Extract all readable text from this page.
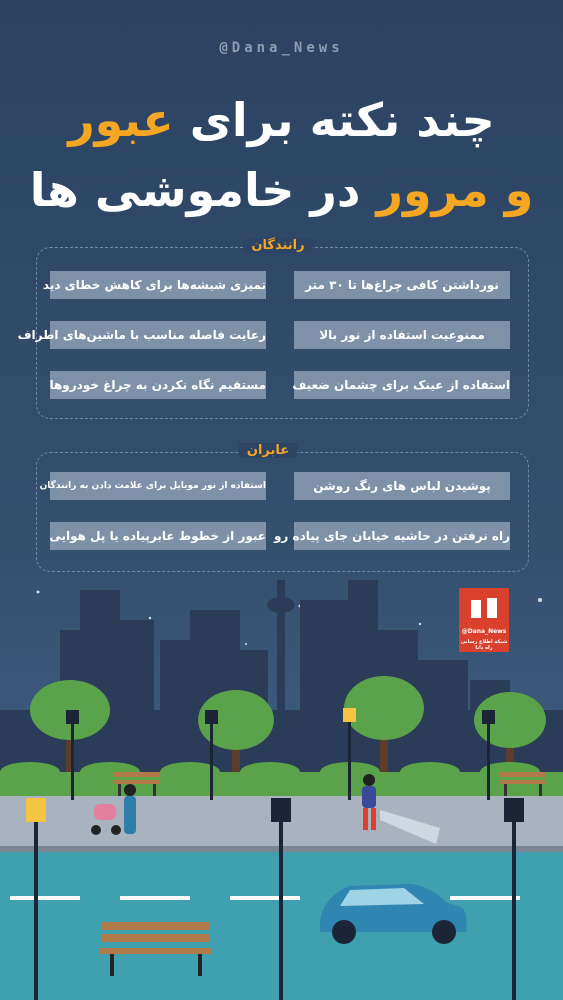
@Dana_News
چند نکته برای عبور
و مرور در خاموشی ها
رانندگان
نورداشتن کافی چراغ‌ها تا ۳۰ متر
تمیزی شیشه‌ها برای کاهش خطای دید
ممنوعیت استفاده از نور بالا
رعایت فاصله مناسب با ماشین‌های اطراف
استفاده از عینک برای چشمان ضعیف
مستقیم نگاه نکردن به چراغ خودروها
عابران
پوشیدن لباس های رنگ روشن
استفاده از نور موبایل برای علامت دادن به رانندگان
راه نرفتن در حاشیه خیابان جای پیاده رو
عبور از خطوط عابرپیاده یا پل هوایی
@Dana_News
شبکه اطلاع رسانی راه دانا
